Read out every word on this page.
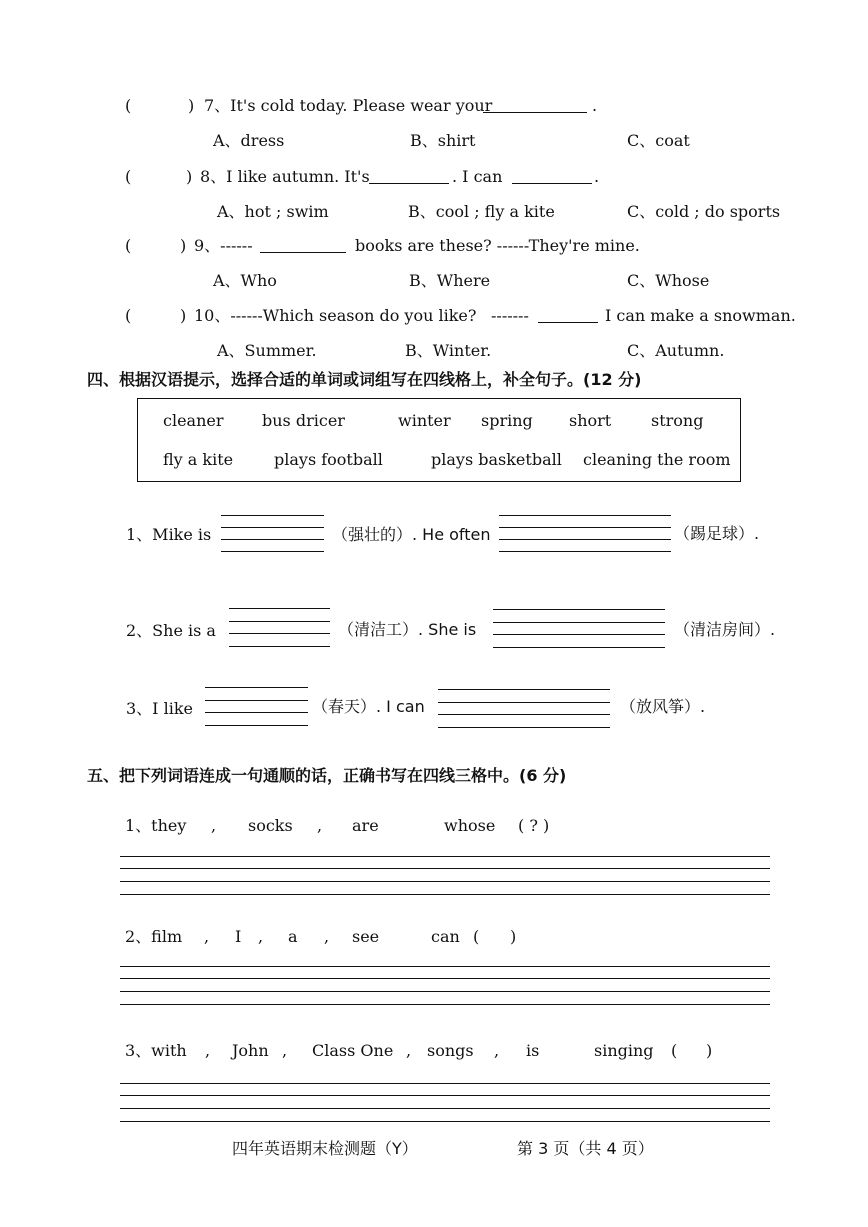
(	) 7、It's cold today. Please wear your	.
A、dress	B、shirt	C、coat
(	) 8、I like autumn. It's	. I can	.
A、hot ; swim	B、cool ; fly a kite	C、cold ; do sports
(	) 9、------	books are these? ------They're mine.
A、Who	B、Where	C、Whose
(	) 10、------Which season do you like? -------	I can make a snowman.
A、Summer.	B、Winter.	C、Autumn.
四、根据汉语提示，选择合适的单词或词组写在四线格上，补全句子。(12 分)
cleaner bus dricer	winter spring short strong
fly a kite	plays football	plays basketball cleaning the room
1、Mike is	（强壮的）. He often	（踢足球）.
2、She is a	（清洁工）. She is	（清洁房间）.
3、I like	（春天）. I can	（放风筝）.
五、把下列词语连成一句通顺的话，正确书写在四线三格中。(6 分)
1、they , socks , are	whose ( ? )
2、film , I , a , see	can ( )
3、with , John , Class One , songs , is	singing ( )
四年英语期末检测题（Y）	第 3 页（共 4 页）
